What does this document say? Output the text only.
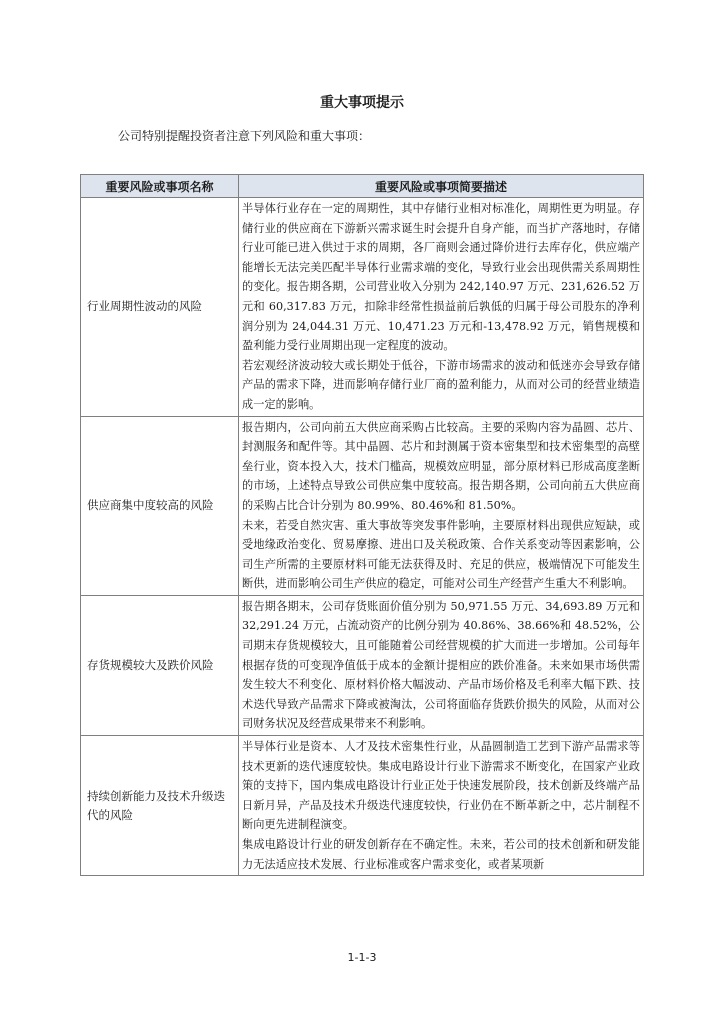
重大事项提示

公司特别提醒投资者注意下列风险和重大事项：

重要风险或事项名称	重要风险或事项简要描述
行业周期性波动的风险	半导体行业存在一定的周期性，其中存储行业相对标准化，周期性更为明显。存储行业的供应商在下游新兴需求诞生时会提升自身产能，而当扩产落地时，存储行业可能已进入供过于求的周期，各厂商则会通过降价进行去库存化，供应端产能增长无法完美匹配半导体行业需求端的变化，导致行业会出现供需关系周期性的变化。报告期各期，公司营业收入分别为 242,140.97 万元、231,626.52 万元和 60,317.83 万元，扣除非经常性损益前后孰低的归属于母公司股东的净利润分别为 24,044.31 万元、10,471.23 万元和-13,478.92 万元，销售规模和盈利能力受行业周期出现一定程度的波动。

若宏观经济波动较大或长期处于低谷，下游市场需求的波动和低迷亦会导致存储产品的需求下降，进而影响存储行业厂商的盈利能力，从而对公司的经营业绩造成一定的影响。

供应商集中度较高的风险	报告期内，公司向前五大供应商采购占比较高。主要的采购内容为晶圆、芯片、封测服务和配件等。其中晶圆、芯片和封测属于资本密集型和技术密集型的高壁垒行业，资本投入大，技术门槛高，规模效应明显，部分原材料已形成高度垄断的市场，上述特点导致公司供应集中度较高。报告期各期，公司向前五大供应商的采购占比合计分别为 80.99%、80.46%和 81.50%。

未来，若受自然灾害、重大事故等突发事件影响，主要原材料出现供应短缺，或受地缘政治变化、贸易摩擦、进出口及关税政策、合作关系变动等因素影响，公司生产所需的主要原材料可能无法获得及时、充足的供应，极端情况下可能发生断供，进而影响公司生产供应的稳定，可能对公司生产经营产生重大不利影响。

存货规模较大及跌价风险	报告期各期末，公司存货账面价值分别为 50,971.55 万元、34,693.89 万元和 32,291.24 万元，占流动资产的比例分别为 40.86%、38.66%和 48.52%，公司期末存货规模较大，且可能随着公司经营规模的扩大而进一步增加。公司每年根据存货的可变现净值低于成本的金额计提相应的跌价准备。未来如果市场供需发生较大不利变化、原材料价格大幅波动、产品市场价格及毛利率大幅下跌、技术迭代导致产品需求下降或被淘汰，公司将面临存货跌价损失的风险，从而对公司财务状况及经营成果带来不利影响。

持续创新能力及技术升级迭代的风险	半导体行业是资本、人才及技术密集性行业，从晶圆制造工艺到下游产品需求等技术更新的迭代速度较快。集成电路设计行业下游需求不断变化，在国家产业政策的支持下，国内集成电路设计行业正处于快速发展阶段，技术创新及终端产品日新月异，产品及技术升级迭代速度较快，行业仍在不断革新之中，芯片制程不断向更先进制程演变。

集成电路设计行业的研发创新存在不确定性。未来，若公司的技术创新和研发能力无法适应技术发展、行业标准或客户需求变化，或者某项新

1-1-3
